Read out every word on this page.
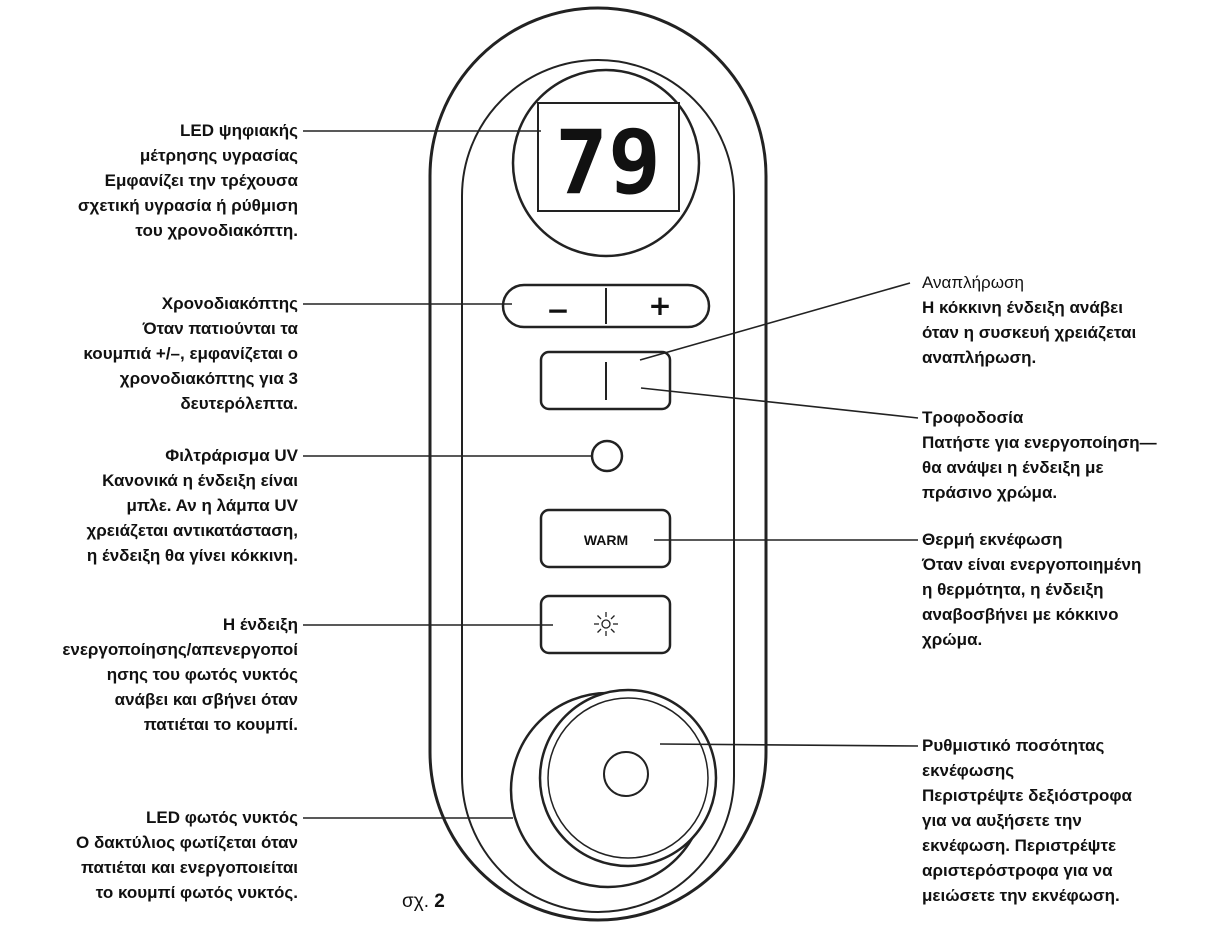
79
−	+
WARM
LED ψηφιακής
μέτρησης υγρασίας
Εμφανίζει την τρέχουσα
σχετική υγρασία ή ρύθμιση
του χρονοδιακόπτη.
Χρονοδιακόπτης
Όταν πατιούνται τα
κουμπιά +/–, εμφανίζεται ο
χρονοδιακόπτης για 3
δευτερόλεπτα.
Φιλτράρισμα UV
Κανονικά η ένδειξη είναι
μπλε. Αν η λάμπα UV
χρειάζεται αντικατάσταση,
η ένδειξη θα γίνει κόκκινη.
Η ένδειξη
ενεργοποίησης/απενεργοποί
ησης του φωτός νυκτός
ανάβει και σβήνει όταν
πατιέται το κουμπί.
LED φωτός νυκτός
Ο δακτύλιος φωτίζεται όταν
πατιέται και ενεργοποιείται
το κουμπί φωτός νυκτός.
Αναπλήρωση
Η κόκκινη ένδειξη ανάβει
όταν η συσκευή χρειάζεται
αναπλήρωση.
Τροφοδοσία
Πατήστε για ενεργοποίηση—
θα ανάψει η ένδειξη με
πράσινο χρώμα.
Θερμή εκνέφωση
Όταν είναι ενεργοποιημένη
η θερμότητα, η ένδειξη
αναβοσβήνει με κόκκινο
χρώμα.
Ρυθμιστικό ποσότητας
εκνέφωσης
Περιστρέψτε δεξιόστροφα
για να αυξήσετε την
εκνέφωση. Περιστρέψτε
αριστερόστροφα για να
μειώσετε την εκνέφωση.
σχ. 2
